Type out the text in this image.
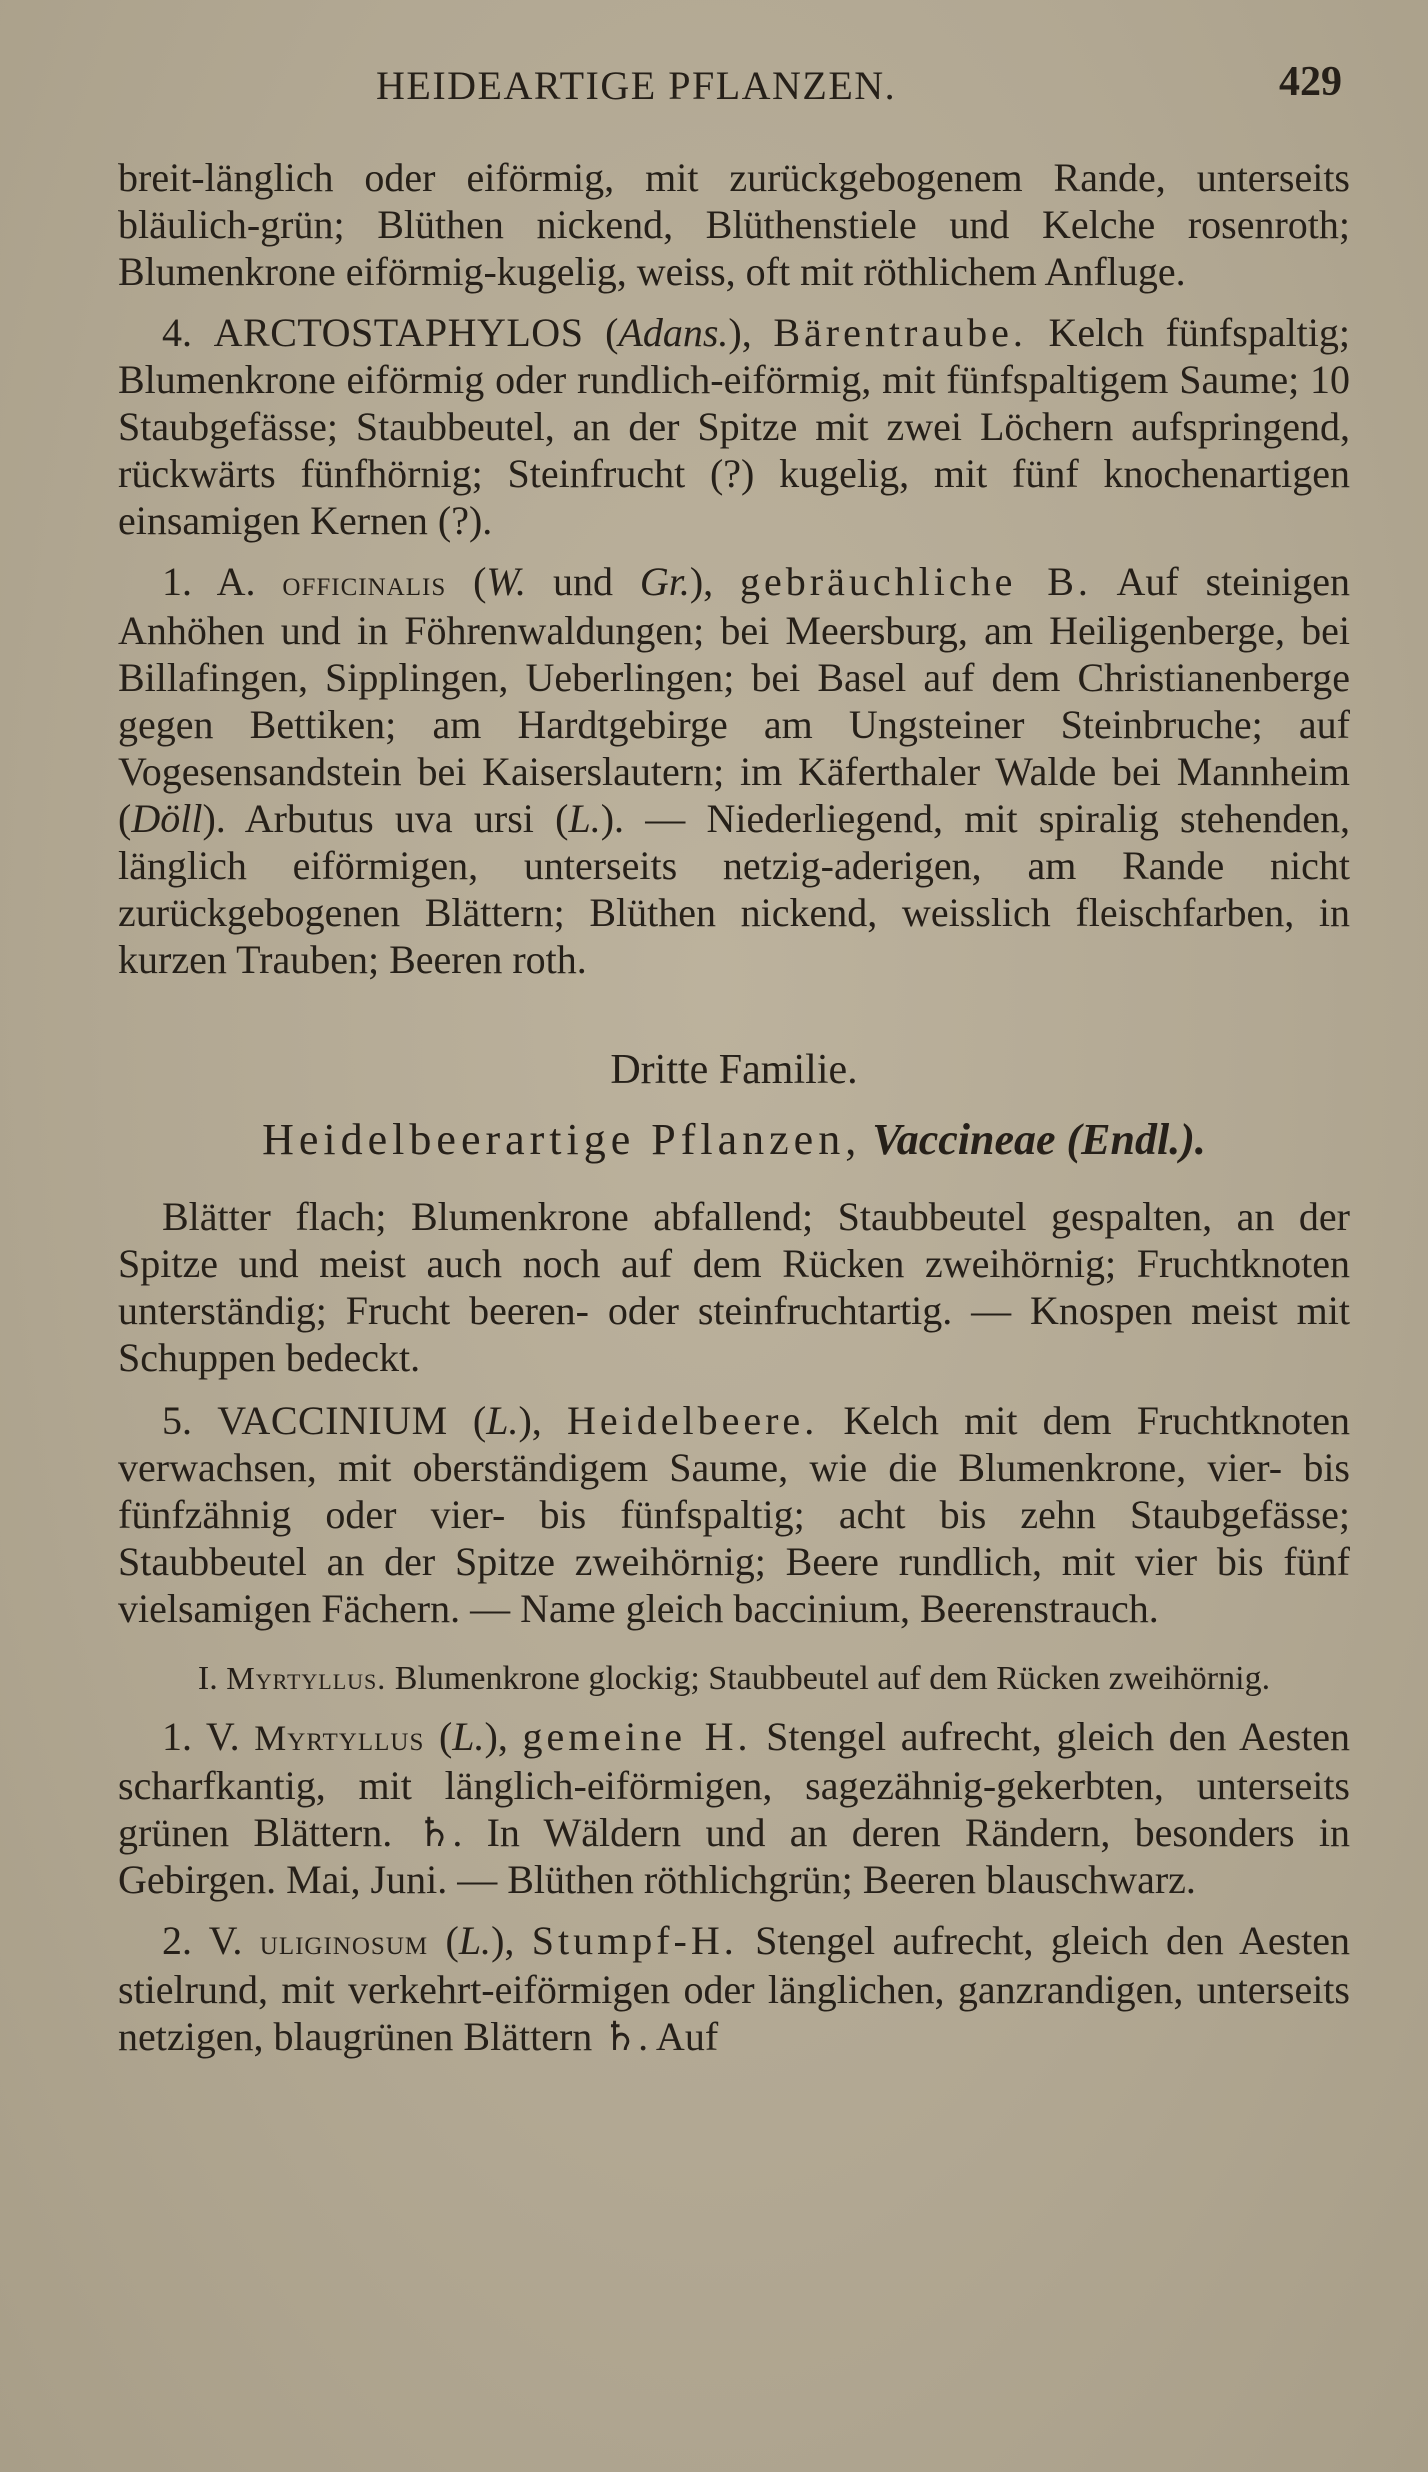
HEIDEARTIGE PFLANZEN.	429

breit-länglich oder eiförmig, mit zurückgebogenem Rande, unterseits bläulich-grün; Blüthen nickend, Blüthenstiele und Kelche rosenroth; Blumenkrone eiförmig-kugelig, weiss, oft mit röthlichem Anfluge.

4. ARCTOSTAPHYLOS (Adans.), Bärentraube. Kelch fünfspaltig; Blumenkrone eiförmig oder rundlich-eiförmig, mit fünfspaltigem Saume; 10 Staubgefässe; Staubbeutel, an der Spitze mit zwei Löchern aufspringend, rückwärts fünfhörnig; Steinfrucht (?) kugelig, mit fünf knochenartigen einsamigen Kernen (?).

1. A. officinalis (W. und Gr.), gebräuchliche B. Auf steinigen Anhöhen und in Föhrenwaldungen; bei Meersburg, am Heiligenberge, bei Billafingen, Sipplingen, Ueberlingen; bei Basel auf dem Christianenberge gegen Bettiken; am Hardtgebirge am Ungsteiner Steinbruche; auf Vogesensandstein bei Kaiserslautern; im Käferthaler Walde bei Mannheim (Döll). Arbutus uva ursi (L.). — Niederliegend, mit spiralig stehenden, länglich eiförmigen, unterseits netzig-aderigen, am Rande nicht zurückgebogenen Blättern; Blüthen nickend, weisslich fleischfarben, in kurzen Trauben; Beeren roth.

Dritte Familie.
Heidelbeerartige Pflanzen, Vaccineae (Endl.).

Blätter flach; Blumenkrone abfallend; Staubbeutel gespalten, an der Spitze und meist auch noch auf dem Rücken zweihörnig; Fruchtknoten unterständig; Frucht beeren- oder steinfruchtartig. — Knospen meist mit Schuppen bedeckt.

5. VACCINIUM (L.), Heidelbeere. Kelch mit dem Fruchtknoten verwachsen, mit oberständigem Saume, wie die Blumenkrone, vier- bis fünfzähnig oder vier- bis fünfspaltig; acht bis zehn Staubgefässe; Staubbeutel an der Spitze zweihörnig; Beere rundlich, mit vier bis fünf vielsamigen Fächern. — Name gleich baccinium, Beerenstrauch.

I. Myrtyllus. Blumenkrone glockig; Staubbeutel auf dem Rücken zweihörnig.

1. V. Myrtyllus (L.), gemeine H. Stengel aufrecht, gleich den Aesten scharfkantig, mit länglich-eiförmigen, sagezähnig-gekerbten, unterseits grünen Blättern. ♄. In Wäldern und an deren Rändern, besonders in Gebirgen. Mai, Juni. — Blüthen röthlichgrün; Beeren blauschwarz.

2. V. uliginosum (L.), Stumpf-H. Stengel aufrecht, gleich den Aesten stielrund, mit verkehrt-eiförmigen oder länglichen, ganzrandigen, unterseits netzigen, blaugrünen Blättern ♄. Auf
